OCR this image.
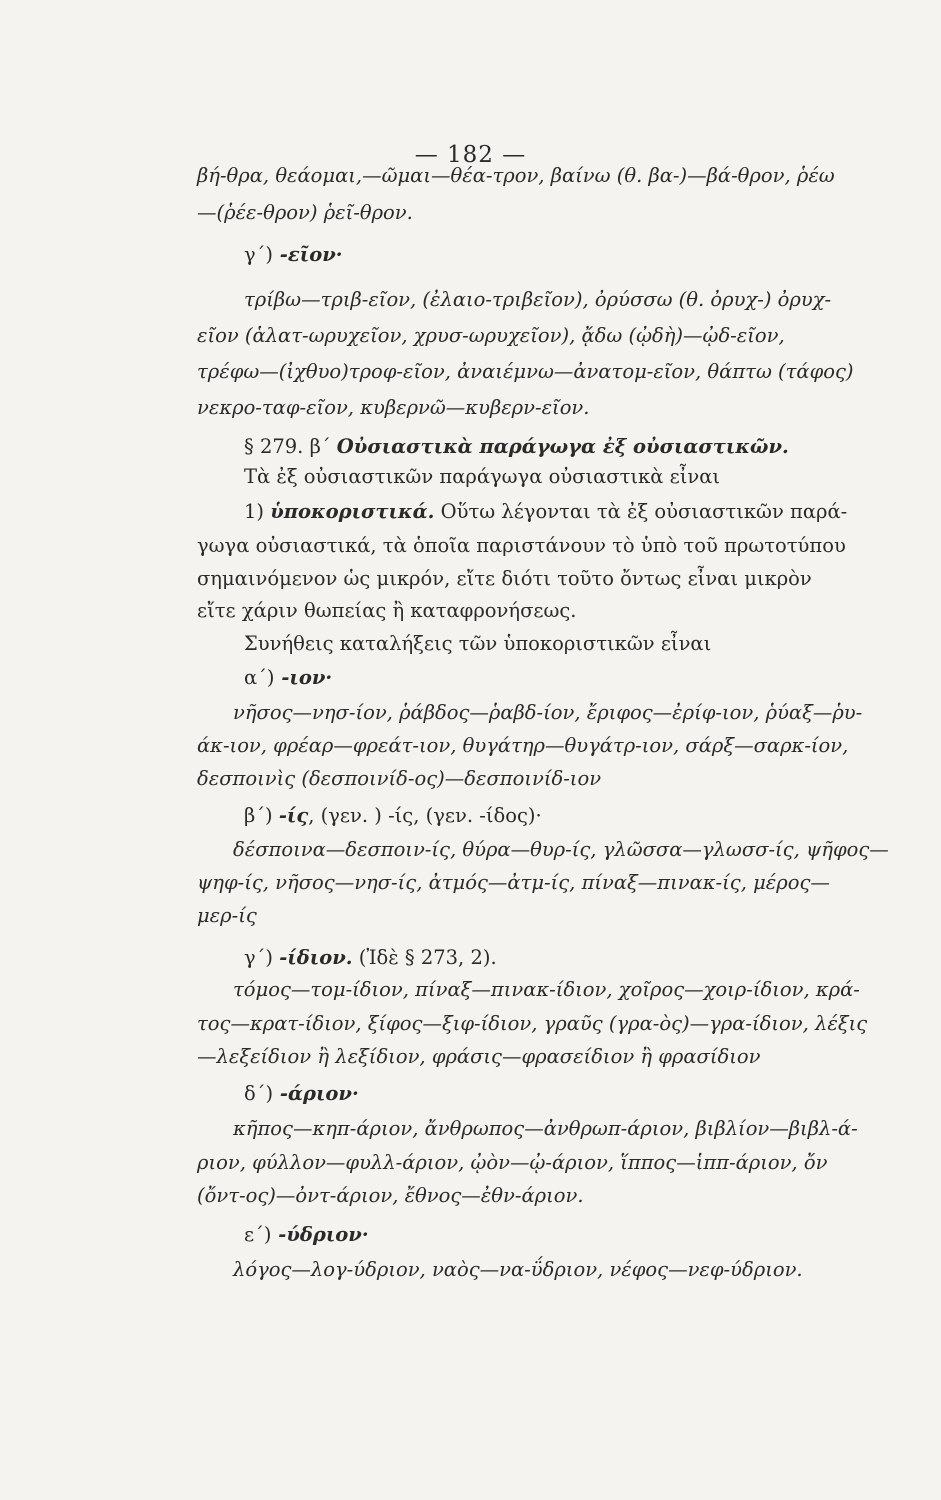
— 182 —
βή-θρα, θεάομαι,—ῶμαι—θέα-τρον, βαίνω (θ. βα-)—βά-θρον, ῥέω
—(ῥέε-θρον) ῥεῖ-θρον.
γ΄) -εῖον·
τρίβω—τριβ-εῖον, (ἐλαιο-τριβεῖον), ὀρύσσω (θ. ὀρυχ-) ὀρυχ-
εῖον (ἁλατ-ωρυχεῖον, χρυσ-ωρυχεῖον), ᾄδω (ᾠδὴ)—ᾠδ-εῖον,
τρέφω—(ἰχθυο)τροφ-εῖον, ἀναιέμνω—ἀνατομ-εῖον, θάπτω (τάφος)
νεκρο-ταφ-εῖον, κυβερνῶ—κυβερν-εῖον.
§ 279. β΄ Οὐσιαστικὰ παράγωγα ἐξ οὐσιαστικῶν.
Τὰ ἐξ οὐσιαστικῶν παράγωγα οὐσιαστικὰ εἶναι
1) ὑποκοριστικά. Οὕτω λέγονται τὰ ἐξ οὐσιαστικῶν παρά-
γωγα οὐσιαστικά, τὰ ὁποῖα παριστάνουν τὸ ὑπὸ τοῦ πρωτοτύπου
σημαινόμενον ὡς μικρόν, εἴτε διότι τοῦτο ὄντως εἶναι μικρὸν
εἴτε χάριν θωπείας ἢ καταφρονήσεως.
Συνήθεις καταλήξεις τῶν ὑποκοριστικῶν εἶναι
α΄) -ιον·
νῆσος—νησ-ίον, ῥάβδος—ῥαβδ-ίον, ἔριφος—ἐρίφ-ιον, ῥύαξ—ῥυ-
άκ-ιον, φρέαρ—φρεάτ-ιον, θυγάτηρ—θυγάτρ-ιον, σάρξ—σαρκ-ίον,
δεσποινὶς (δεσποινίδ-ος)—δεσποινίδ-ιον
β΄) -ίς, (γεν. ) -ίς, (γεν. -ίδος)·
δέσποινα—δεσποιν-ίς, θύρα—θυρ-ίς, γλῶσσα—γλωσσ-ίς, ψῆφος—
ψηφ-ίς, νῆσος—νησ-ίς, ἀτμός—ἀτμ-ίς, πίναξ—πινακ-ίς, μέρος—
μερ-ίς
γ΄) -ίδιον. (Ἰδὲ § 273, 2).
τόμος—τομ-ίδιον, πίναξ—πινακ-ίδιον, χοῖρος—χοιρ-ίδιον, κρά-
τος—κρατ-ίδιον, ξίφος—ξιφ-ίδιον, γραῦς (γρα-ὸς)—γρα-ίδιον, λέξις
—λεξείδιον ἢ λεξίδιον, φράσις—φρασείδιον ἢ φρασίδιον
δ΄) -άριον·
κῆπος—κηπ-άριον, ἄνθρωπος—ἀνθρωπ-άριον, βιβλίον—βιβλ-ά-
ριον, φύλλον—φυλλ-άριον, ᾠὸν—ᾠ-άριον, ἵππος—ἱππ-άριον, ὄν
(ὄντ-ος)—ὀντ-άριον, ἔθνος—ἐθν-άριον.
ε΄) -ύδριον·
λόγος—λογ-ύδριον, ναὸς—να-ΰδριον, νέφος—νεφ-ύδριον.
